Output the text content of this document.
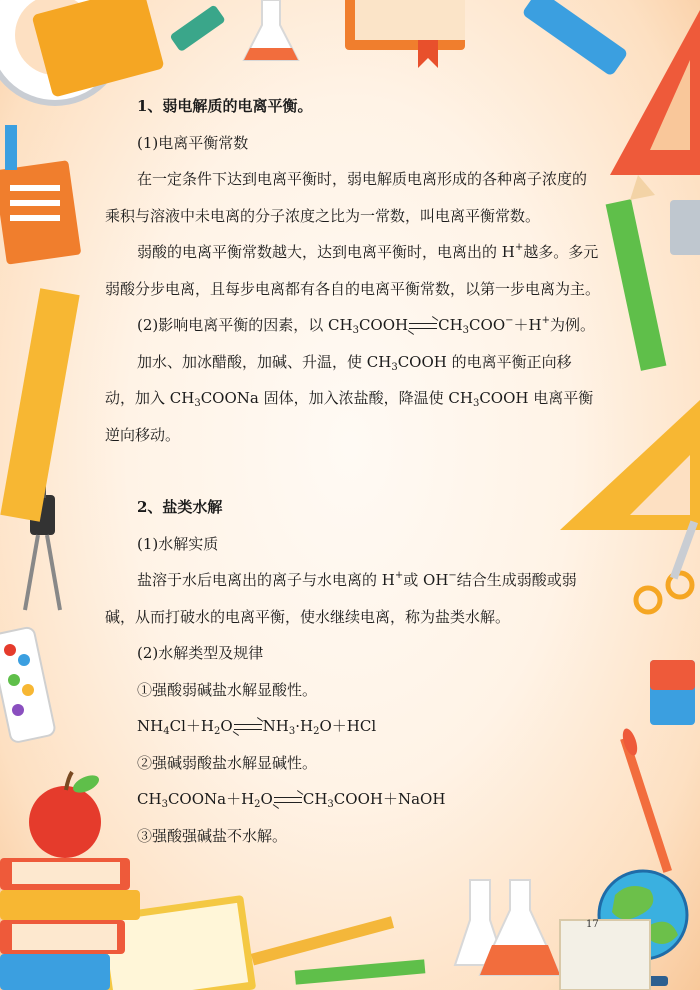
1、弱电解质的电离平衡。

(1)电离平衡常数

在一定条件下达到电离平衡时，弱电解质电离形成的各种离子浓度的乘积与溶液中未电离的分子浓度之比为一常数，叫电离平衡常数。

弱酸的电离平衡常数越大，达到电离平衡时，电离出的 H+越多。多元弱酸分步电离，且每步电离都有各自的电离平衡常数，以第一步电离为主。

(2)影响电离平衡的因素，以 $CH_3COOH$ $CH_3COO^-+H^+$为例。

加水、加冰醋酸，加碱、升温，使 $CH_3COOH$ 的电离平衡正向移动，加入 $CH_3COONa$ 固体，加入浓盐酸，降温使 $CH_3COOH$ 电离平衡逆向移动。

2、盐类水解

(1)水解实质

盐溶于水后电离出的离子与水电离的 H+或 OH−结合生成弱酸或弱碱，从而打破水的电离平衡，使水继续电离，称为盐类水解。

(2)水解类型及规律

①强酸弱碱盐水解显酸性。

$NH_4Cl+H_2O$ $NH_3\cdot H_2O+HCl$

②强碱弱酸盐水解显碱性。

$CH_3COONa+H_2O$ $CH_3COOH+NaOH$

③强酸强碱盐不水解。

17
